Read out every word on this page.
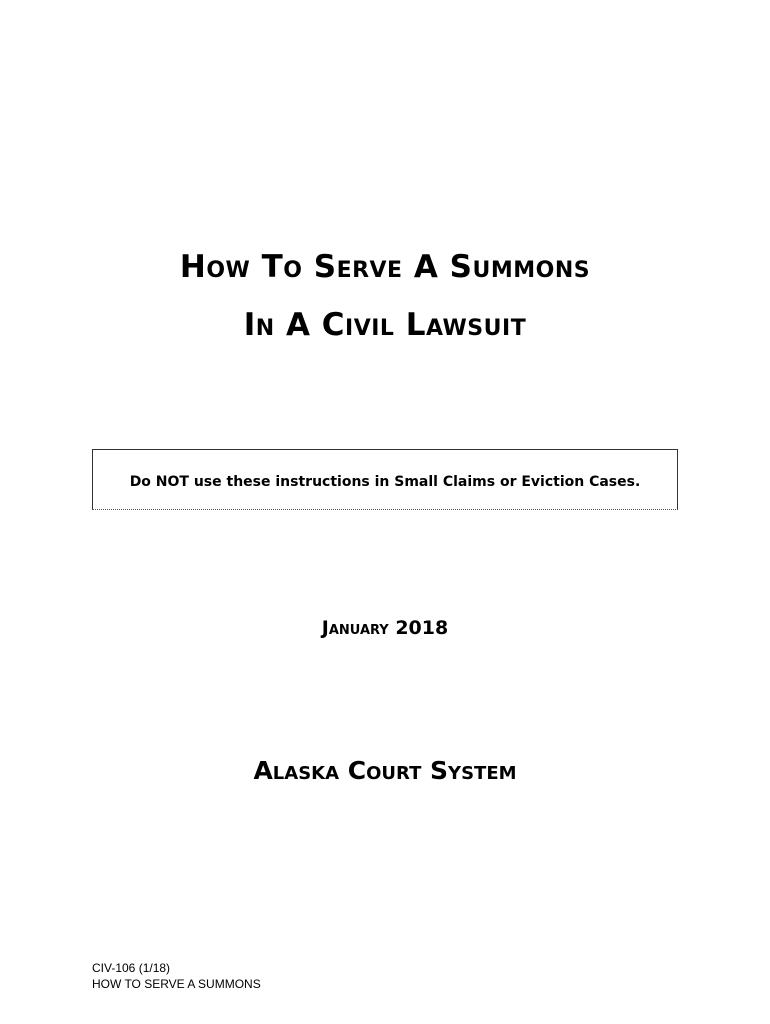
How To Serve A Summons
In A Civil Lawsuit
Do NOT use these instructions in Small Claims or Eviction Cases.
January 2018
Alaska Court System
CIV-106 (1/18)
HOW TO SERVE A SUMMONS
